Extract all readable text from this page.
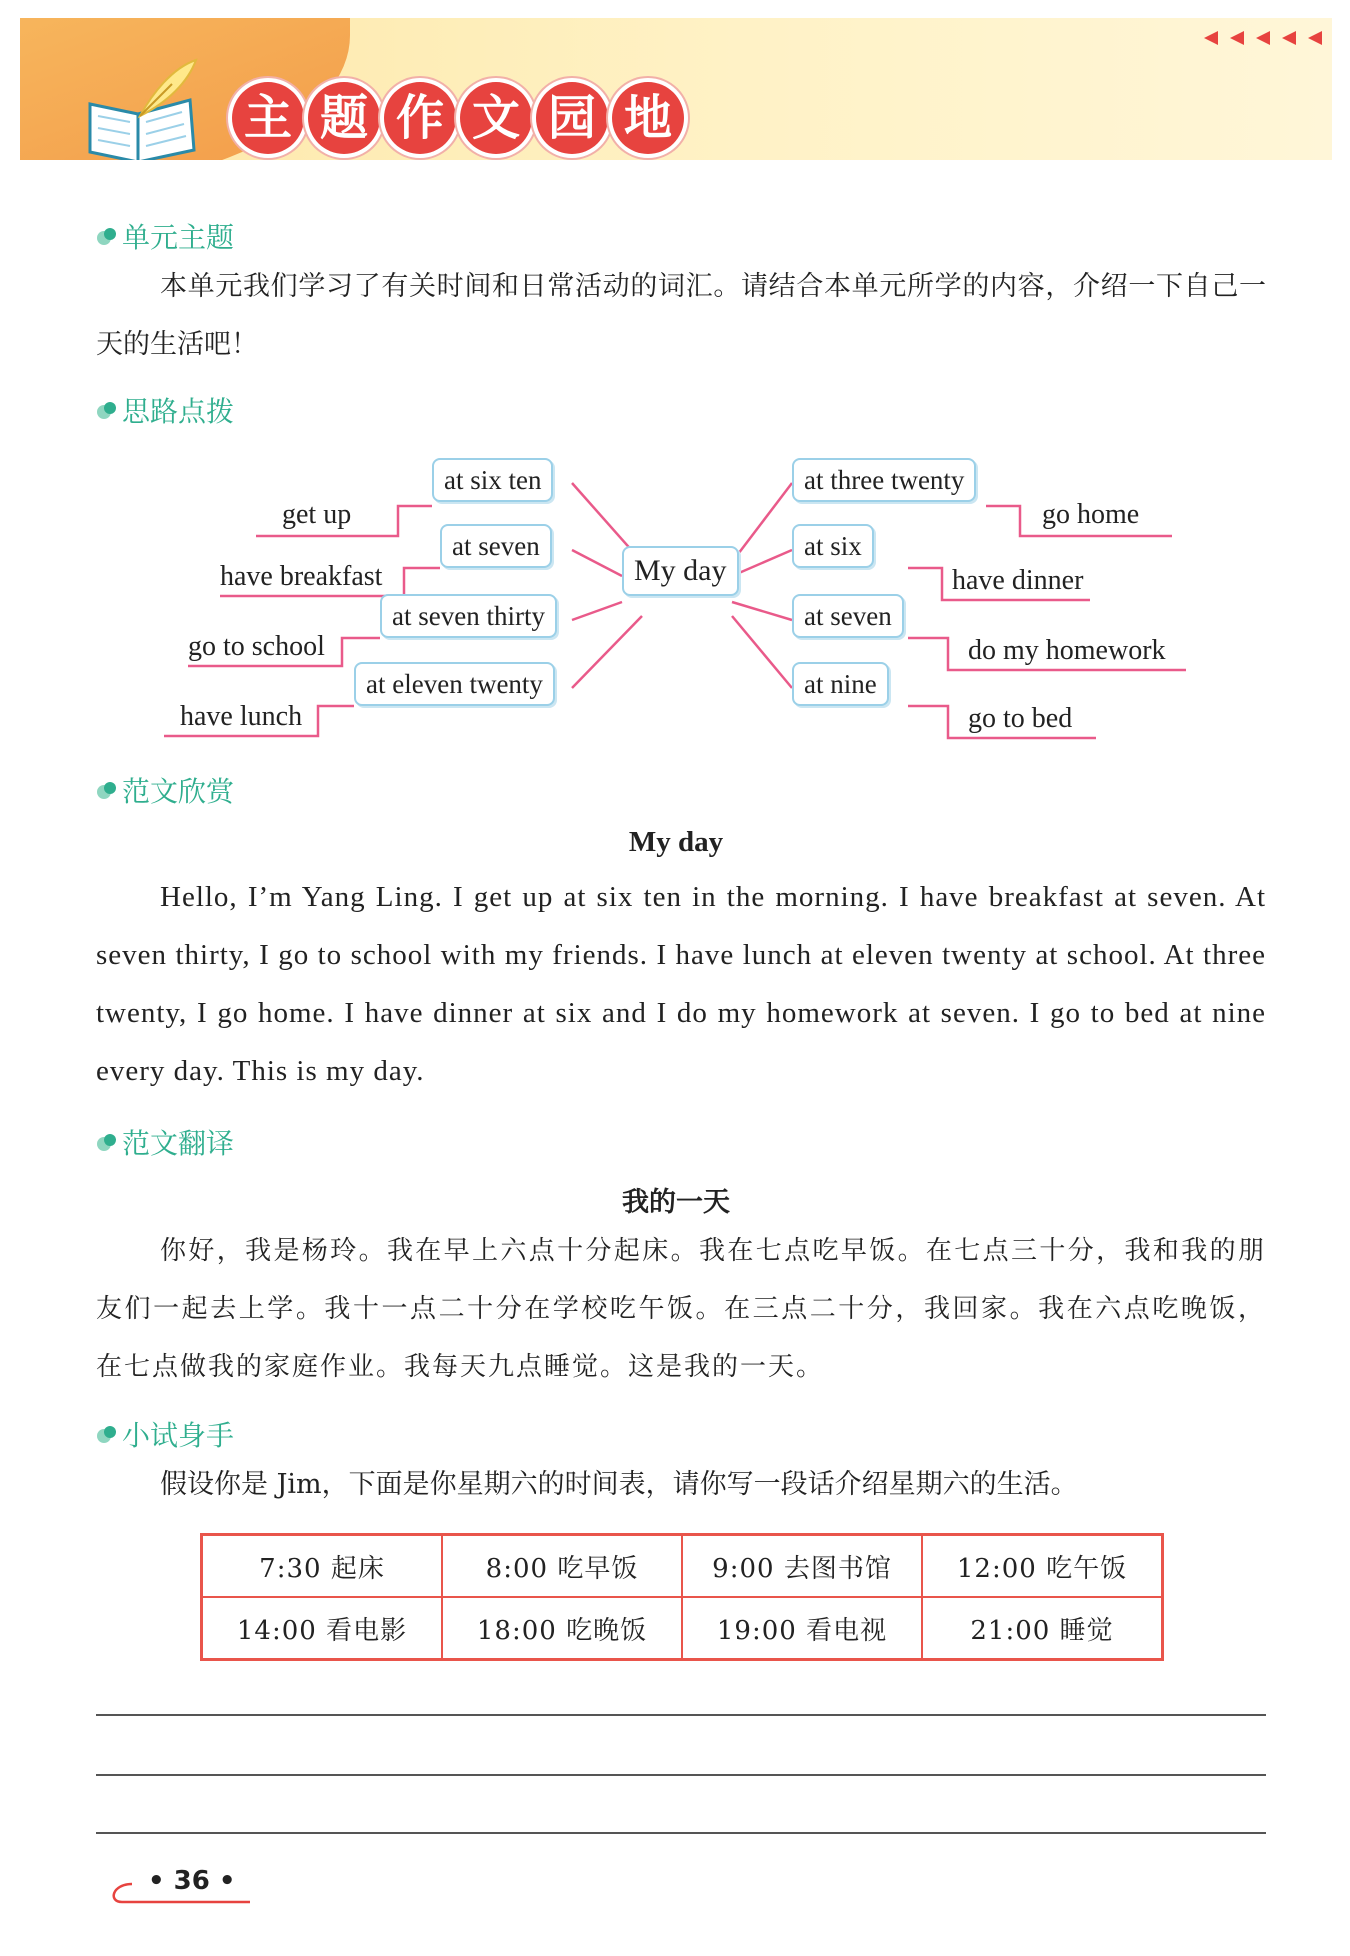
主 题 作 文 园 地
单元主题
本单元我们学习了有关时间和日常活动的词汇。请结合本单元所学的内容，介绍一下自己一天的生活吧！
思路点拨
My day
at six ten
at seven
at seven thirty
at eleven twenty
get up
have breakfast
go to school
have lunch
at three twenty
at six
at seven
at nine
go home
have dinner
do my homework
go to bed
范文欣赏
My day
Hello, I’m Yang Ling. I get up at six ten in the morning. I have breakfast at seven. At seven thirty, I go to school with my friends. I have lunch at eleven twenty at school. At three twenty, I go home. I have dinner at six and I do my homework at seven. I go to bed at nine every day. This is my day.
范文翻译
我的一天
你好，我是杨玲。我在早上六点十分起床。我在七点吃早饭。在七点三十分，我和我的朋友们一起去上学。我十一点二十分在学校吃午饭。在三点二十分，我回家。我在六点吃晚饭，在七点做我的家庭作业。我每天九点睡觉。这是我的一天。
小试身手
假设你是 Jim，下面是你星期六的时间表，请你写一段话介绍星期六的生活。
7:30 起床	8:00 吃早饭	9:00 去图书馆	12:00 吃午饭
14:00 看电影	18:00 吃晚饭	19:00 看电视	21:00 睡觉
• 36 •
